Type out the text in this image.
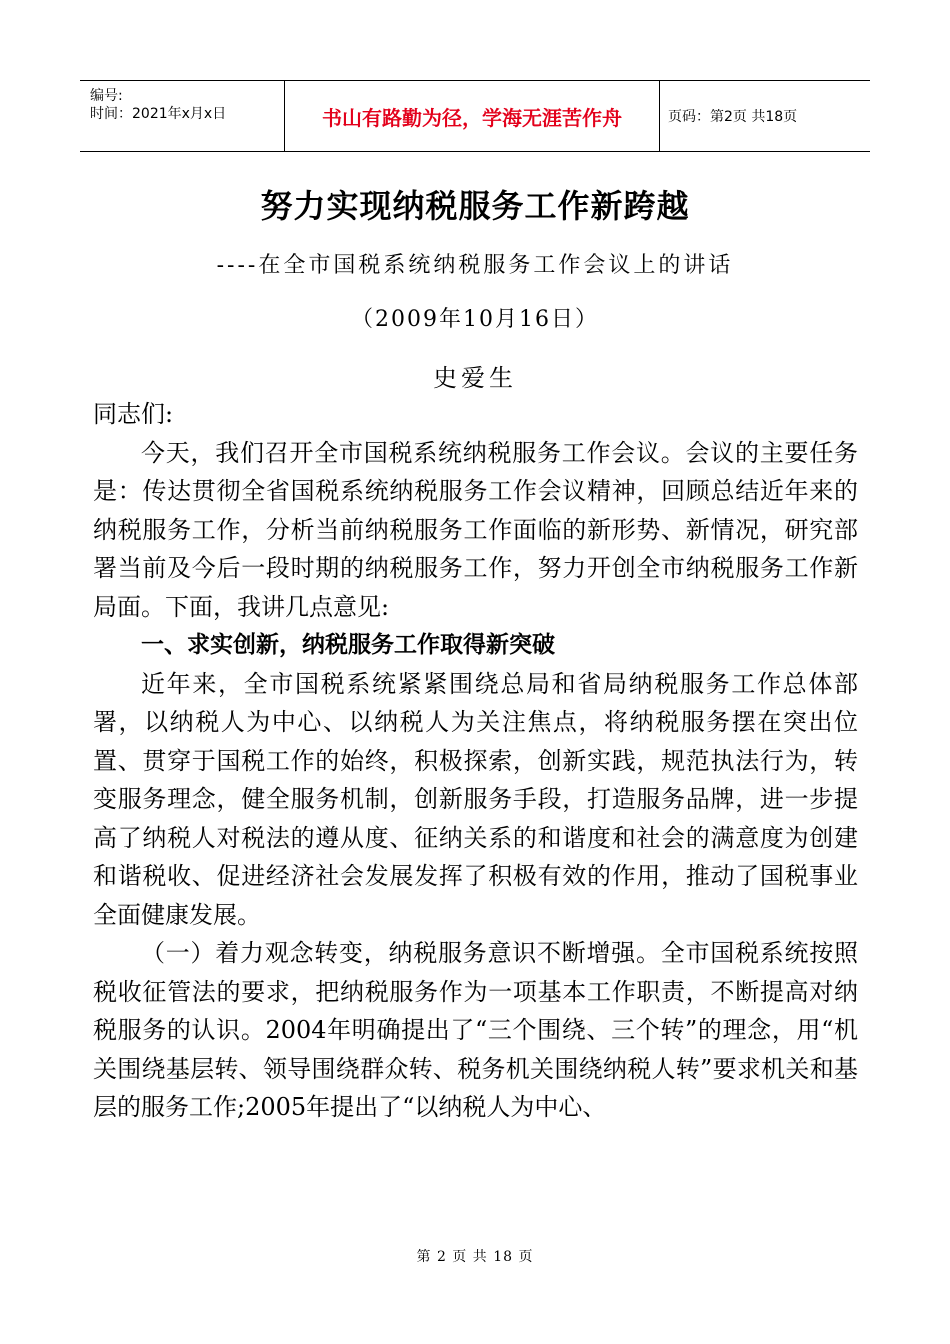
编号:
时间：2021年x月x日	书山有路勤为径，学海无涯苦作舟	页码：第2页 共18页
努力实现纳税服务工作新跨越
----在全市国税系统纳税服务工作会议上的讲话
（2009年10月16日）
史爱生

同志们:

今天，我们召开全市国税系统纳税服务工作会议。会议的主要任务是：传达贯彻全省国税系统纳税服务工作会议精神，回顾总结近年来的纳税服务工作，分析当前纳税服务工作面临的新形势、新情况，研究部署当前及今后一段时期的纳税服务工作，努力开创全市纳税服务工作新局面。下面，我讲几点意见:

一、求实创新，纳税服务工作取得新突破

近年来，全市国税系统紧紧围绕总局和省局纳税服务工作总体部署，以纳税人为中心、以纳税人为关注焦点，将纳税服务摆在突出位置、贯穿于国税工作的始终，积极探索，创新实践，规范执法行为，转变服务理念，健全服务机制，创新服务手段，打造服务品牌，进一步提高了纳税人对税法的遵从度、征纳关系的和谐度和社会的满意度为创建和谐税收、促进经济社会发展发挥了积极有效的作用，推动了国税事业全面健康发展。

（一）着力观念转变，纳税服务意识不断增强。全市国税系统按照税收征管法的要求，把纳税服务作为一项基本工作职责，不断提高对纳税服务的认识。2004年明确提出了“三个围绕、三个转”的理念，用“机关围绕基层转、领导围绕群众转、税务机关围绕纳税人转”要求机关和基层的服务工作;2005年提出了“以纳税人为中心、

第 2 页 共 18 页
